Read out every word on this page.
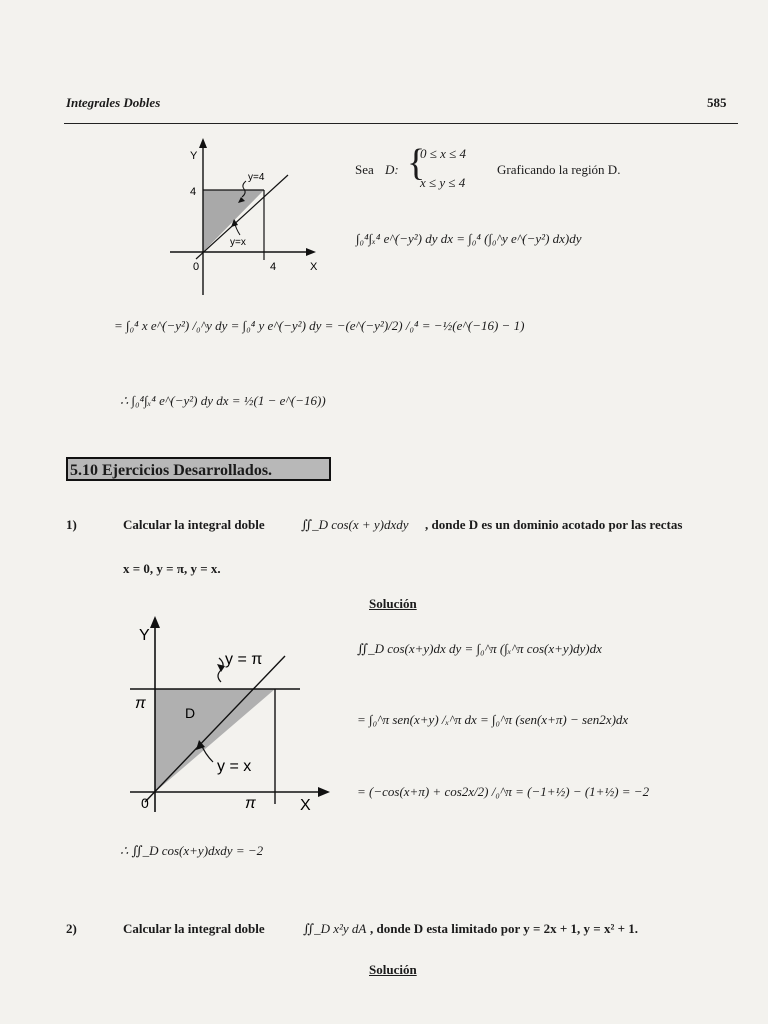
Integrales Dobles	585
Y
X
4
4
0
y=4
y=x
Sea D: {
0 ≤ x ≤ 4
x ≤ y ≤ 4
Graficando la región D.
∫₀⁴∫ₓ⁴ e^(−y²) dy dx = ∫₀⁴ (∫₀^y e^(−y²) dx)dy
= ∫₀⁴ x e^(−y²) /₀^y dy = ∫₀⁴ y e^(−y²) dy = −(e^(−y²)/2) /₀⁴ = −½(e^(−16) − 1)
∴ ∫₀⁴∫ₓ⁴ e^(−y²) dy dx = ½(1 − e^(−16))
5.10 Ejercicios Desarrollados.
1)	Calcular la integral doble	∬_D cos(x + y)dxdy , donde D es un dominio acotado por las rectas
x = 0, y = π, y = x.
Solución
Y
X
π
π
0
D
y = π
y = x
∬_D cos(x+y)dx dy = ∫₀^π (∫ₓ^π cos(x+y)dy)dx
= ∫₀^π sen(x+y) /ₓ^π dx = ∫₀^π (sen(x+π) − sen2x)dx
= (−cos(x+π) + cos2x/2) /₀^π = (−1+½) − (1+½) = −2
∴ ∬_D cos(x+y)dxdy = −2
2)	Calcular la integral doble	∬_D x²y dA , donde D esta limitado por y = 2x + 1, y = x² + 1.
Solución
